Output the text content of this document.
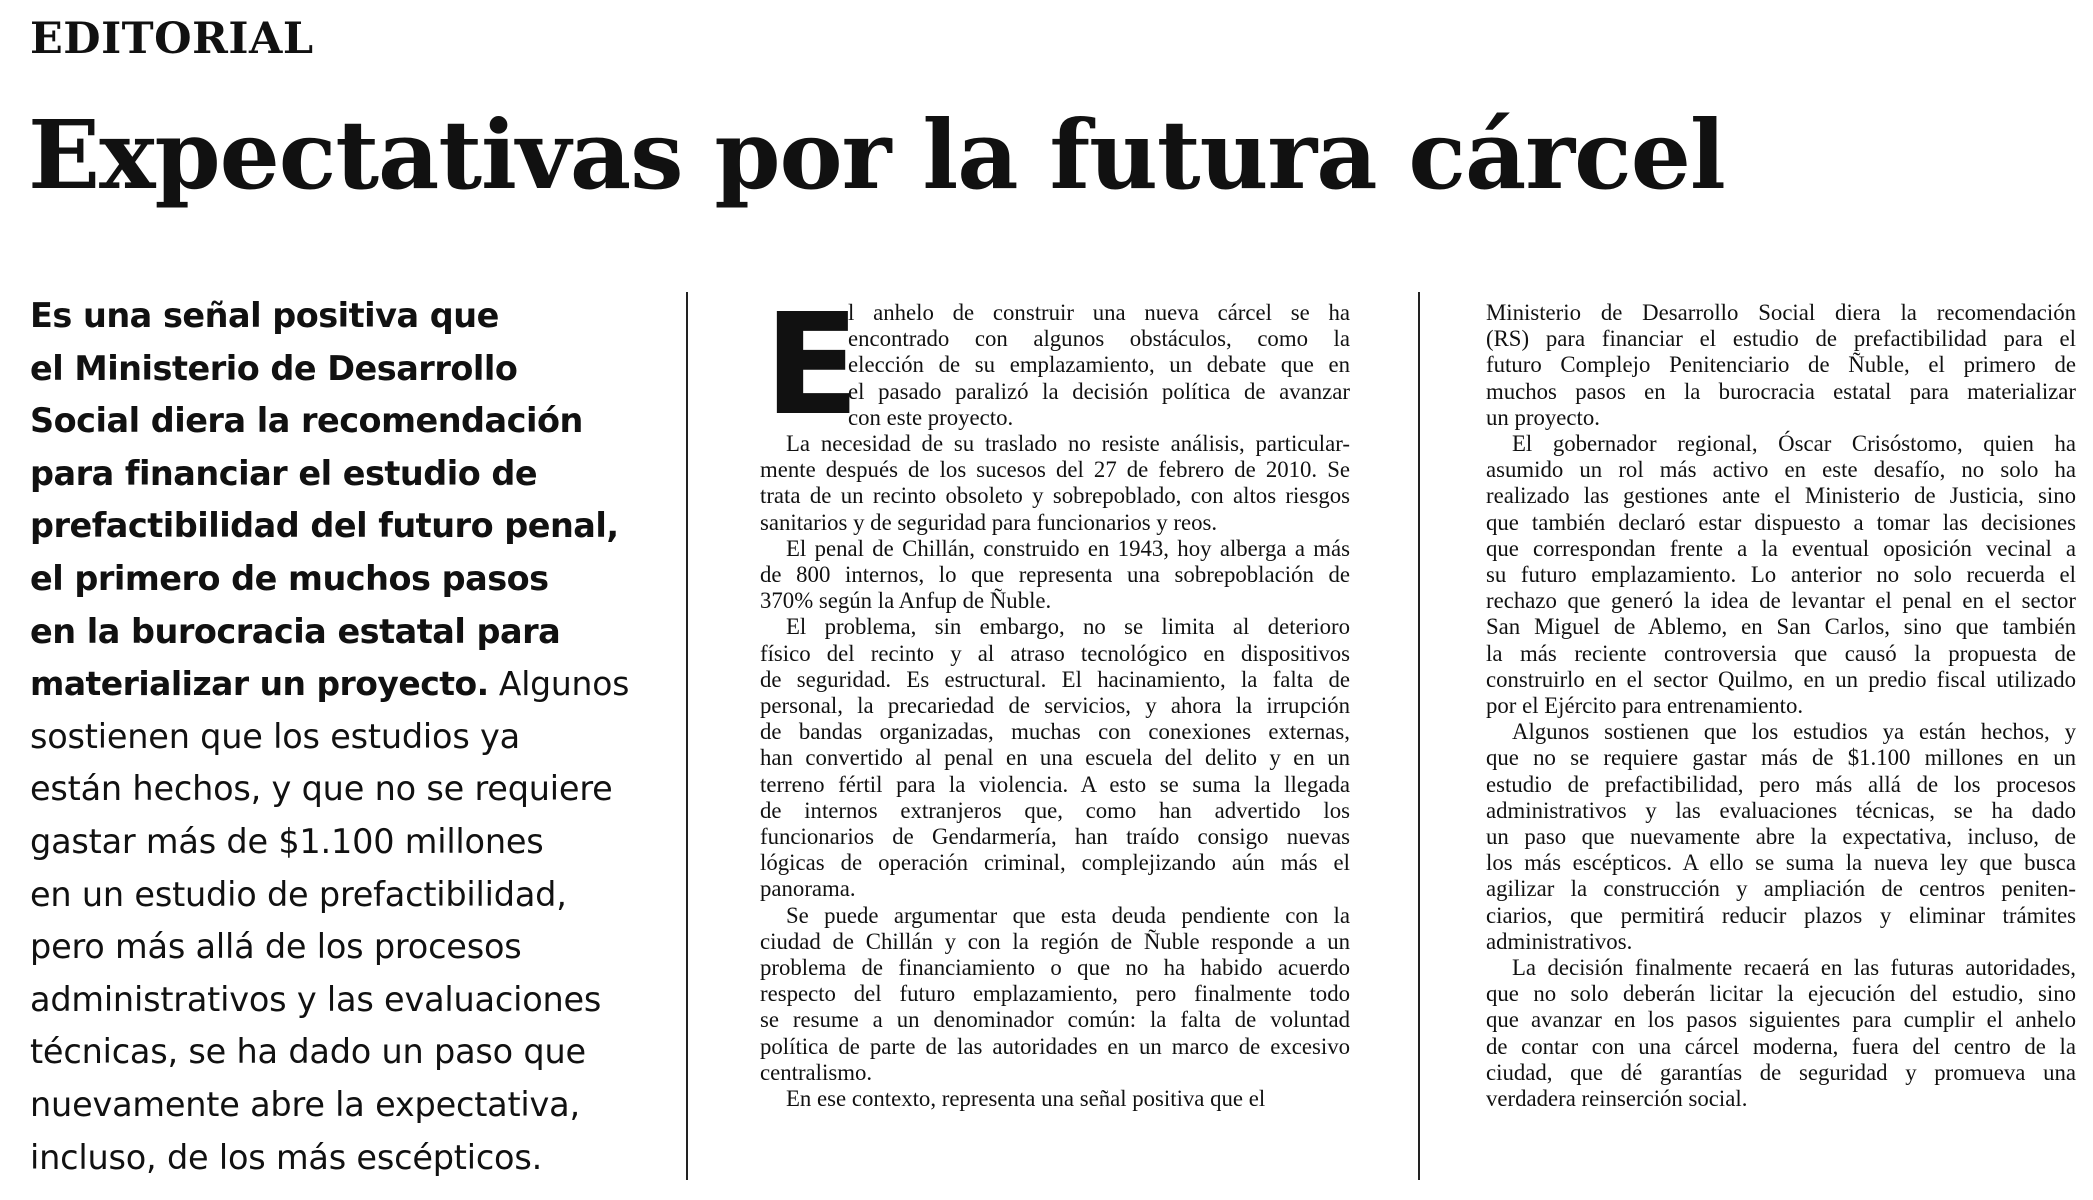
EDITORIAL
Expectativas por la futura cárcel
Es una señal positiva que
el Ministerio de Desarrollo
Social diera la recomendación
para financiar el estudio de
prefactibilidad del futuro penal,
el primero de muchos pasos
en la burocracia estatal para
materializar un proyecto. Algunos
sostienen que los estudios ya
están hechos, y que no se requiere
gastar más de $1.100 millones
en un estudio de prefactibilidad,
pero más allá de los procesos
administrativos y las evaluaciones
técnicas, se ha dado un paso que
nuevamente abre la expectativa,
incluso, de los más escépticos.
E
l anhelo de construir una nueva cárcel se ha
encontrado con algunos obstáculos, como la
elección de su emplazamiento, un debate que en
el pasado paralizó la decisión política de avanzar
con este proyecto.
La necesidad de su traslado no resiste análisis, particular-
mente después de los sucesos del 27 de febrero de 2010. Se
trata de un recinto obsoleto y sobrepoblado, con altos riesgos
sanitarios y de seguridad para funcionarios y reos.
El penal de Chillán, construido en 1943, hoy alberga a más
de 800 internos, lo que representa una sobrepoblación de
370% según la Anfup de Ñuble.
El problema, sin embargo, no se limita al deterioro
físico del recinto y al atraso tecnológico en dispositivos
de seguridad. Es estructural. El hacinamiento, la falta de
personal, la precariedad de servicios, y ahora la irrupción
de bandas organizadas, muchas con conexiones externas,
han convertido al penal en una escuela del delito y en un
terreno fértil para la violencia. A esto se suma la llegada
de internos extranjeros que, como han advertido los
funcionarios de Gendarmería, han traído consigo nuevas
lógicas de operación criminal, complejizando aún más el
panorama.
Se puede argumentar que esta deuda pendiente con la
ciudad de Chillán y con la región de Ñuble responde a un
problema de financiamiento o que no ha habido acuerdo
respecto del futuro emplazamiento, pero finalmente todo
se resume a un denominador común: la falta de voluntad
política de parte de las autoridades en un marco de excesivo
centralismo.
En ese contexto, representa una señal positiva que el
Ministerio de Desarrollo Social diera la recomendación
(RS) para financiar el estudio de prefactibilidad para el
futuro Complejo Penitenciario de Ñuble, el primero de
muchos pasos en la burocracia estatal para materializar
un proyecto.
El gobernador regional, Óscar Crisóstomo, quien ha
asumido un rol más activo en este desafío, no solo ha
realizado las gestiones ante el Ministerio de Justicia, sino
que también declaró estar dispuesto a tomar las decisiones
que correspondan frente a la eventual oposición vecinal a
su futuro emplazamiento. Lo anterior no solo recuerda el
rechazo que generó la idea de levantar el penal en el sector
San Miguel de Ablemo, en San Carlos, sino que también
la más reciente controversia que causó la propuesta de
construirlo en el sector Quilmo, en un predio fiscal utilizado
por el Ejército para entrenamiento.
Algunos sostienen que los estudios ya están hechos, y
que no se requiere gastar más de $1.100 millones en un
estudio de prefactibilidad, pero más allá de los procesos
administrativos y las evaluaciones técnicas, se ha dado
un paso que nuevamente abre la expectativa, incluso, de
los más escépticos. A ello se suma la nueva ley que busca
agilizar la construcción y ampliación de centros peniten-
ciarios, que permitirá reducir plazos y eliminar trámites
administrativos.
La decisión finalmente recaerá en las futuras autoridades,
que no solo deberán licitar la ejecución del estudio, sino
que avanzar en los pasos siguientes para cumplir el anhelo
de contar con una cárcel moderna, fuera del centro de la
ciudad, que dé garantías de seguridad y promueva una
verdadera reinserción social.
